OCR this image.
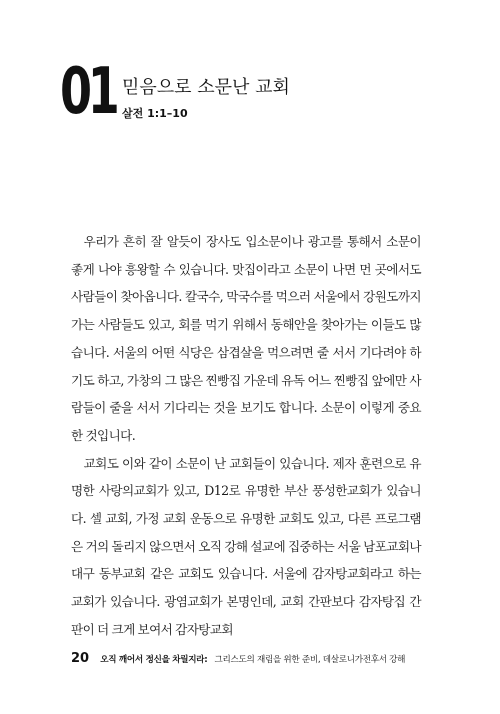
01 믿음으로 소문난 교회
살전 1:1–10

우리가 흔히 잘 알듯이 장사도 입소문이나 광고를 통해서 소문이 좋게 나야 흥왕할 수 있습니다. 맛집이라고 소문이 나면 먼 곳에서도 사람들이 찾아옵니다. 칼국수, 막국수를 먹으러 서울에서 강원도까지 가는 사람들도 있고, 회를 먹기 위해서 동해안을 찾아가는 이들도 많습니다. 서울의 어떤 식당은 삼겹살을 먹으려면 줄 서서 기다려야 하기도 하고, 가창의 그 많은 찐빵집 가운데 유독 어느 찐빵집 앞에만 사람들이 줄을 서서 기다리는 것을 보기도 합니다. 소문이 이렇게 중요한 것입니다.

교회도 이와 같이 소문이 난 교회들이 있습니다. 제자 훈련으로 유명한 사랑의교회가 있고, D12로 유명한 부산 풍성한교회가 있습니다. 셀 교회, 가정 교회 운동으로 유명한 교회도 있고, 다른 프로그램은 거의 돌리지 않으면서 오직 강해 설교에 집중하는 서울 남포교회나 대구 동부교회 같은 교회도 있습니다. 서울에 감자탕교회라고 하는 교회가 있습니다. 광염교회가 본명인데, 교회 간판보다 감자탕집 간판이 더 크게 보여서 감자탕교회

20 오직 깨어서 정신을 차릴지라: 그리스도의 재림을 위한 준비, 데살로니가전후서 강해
